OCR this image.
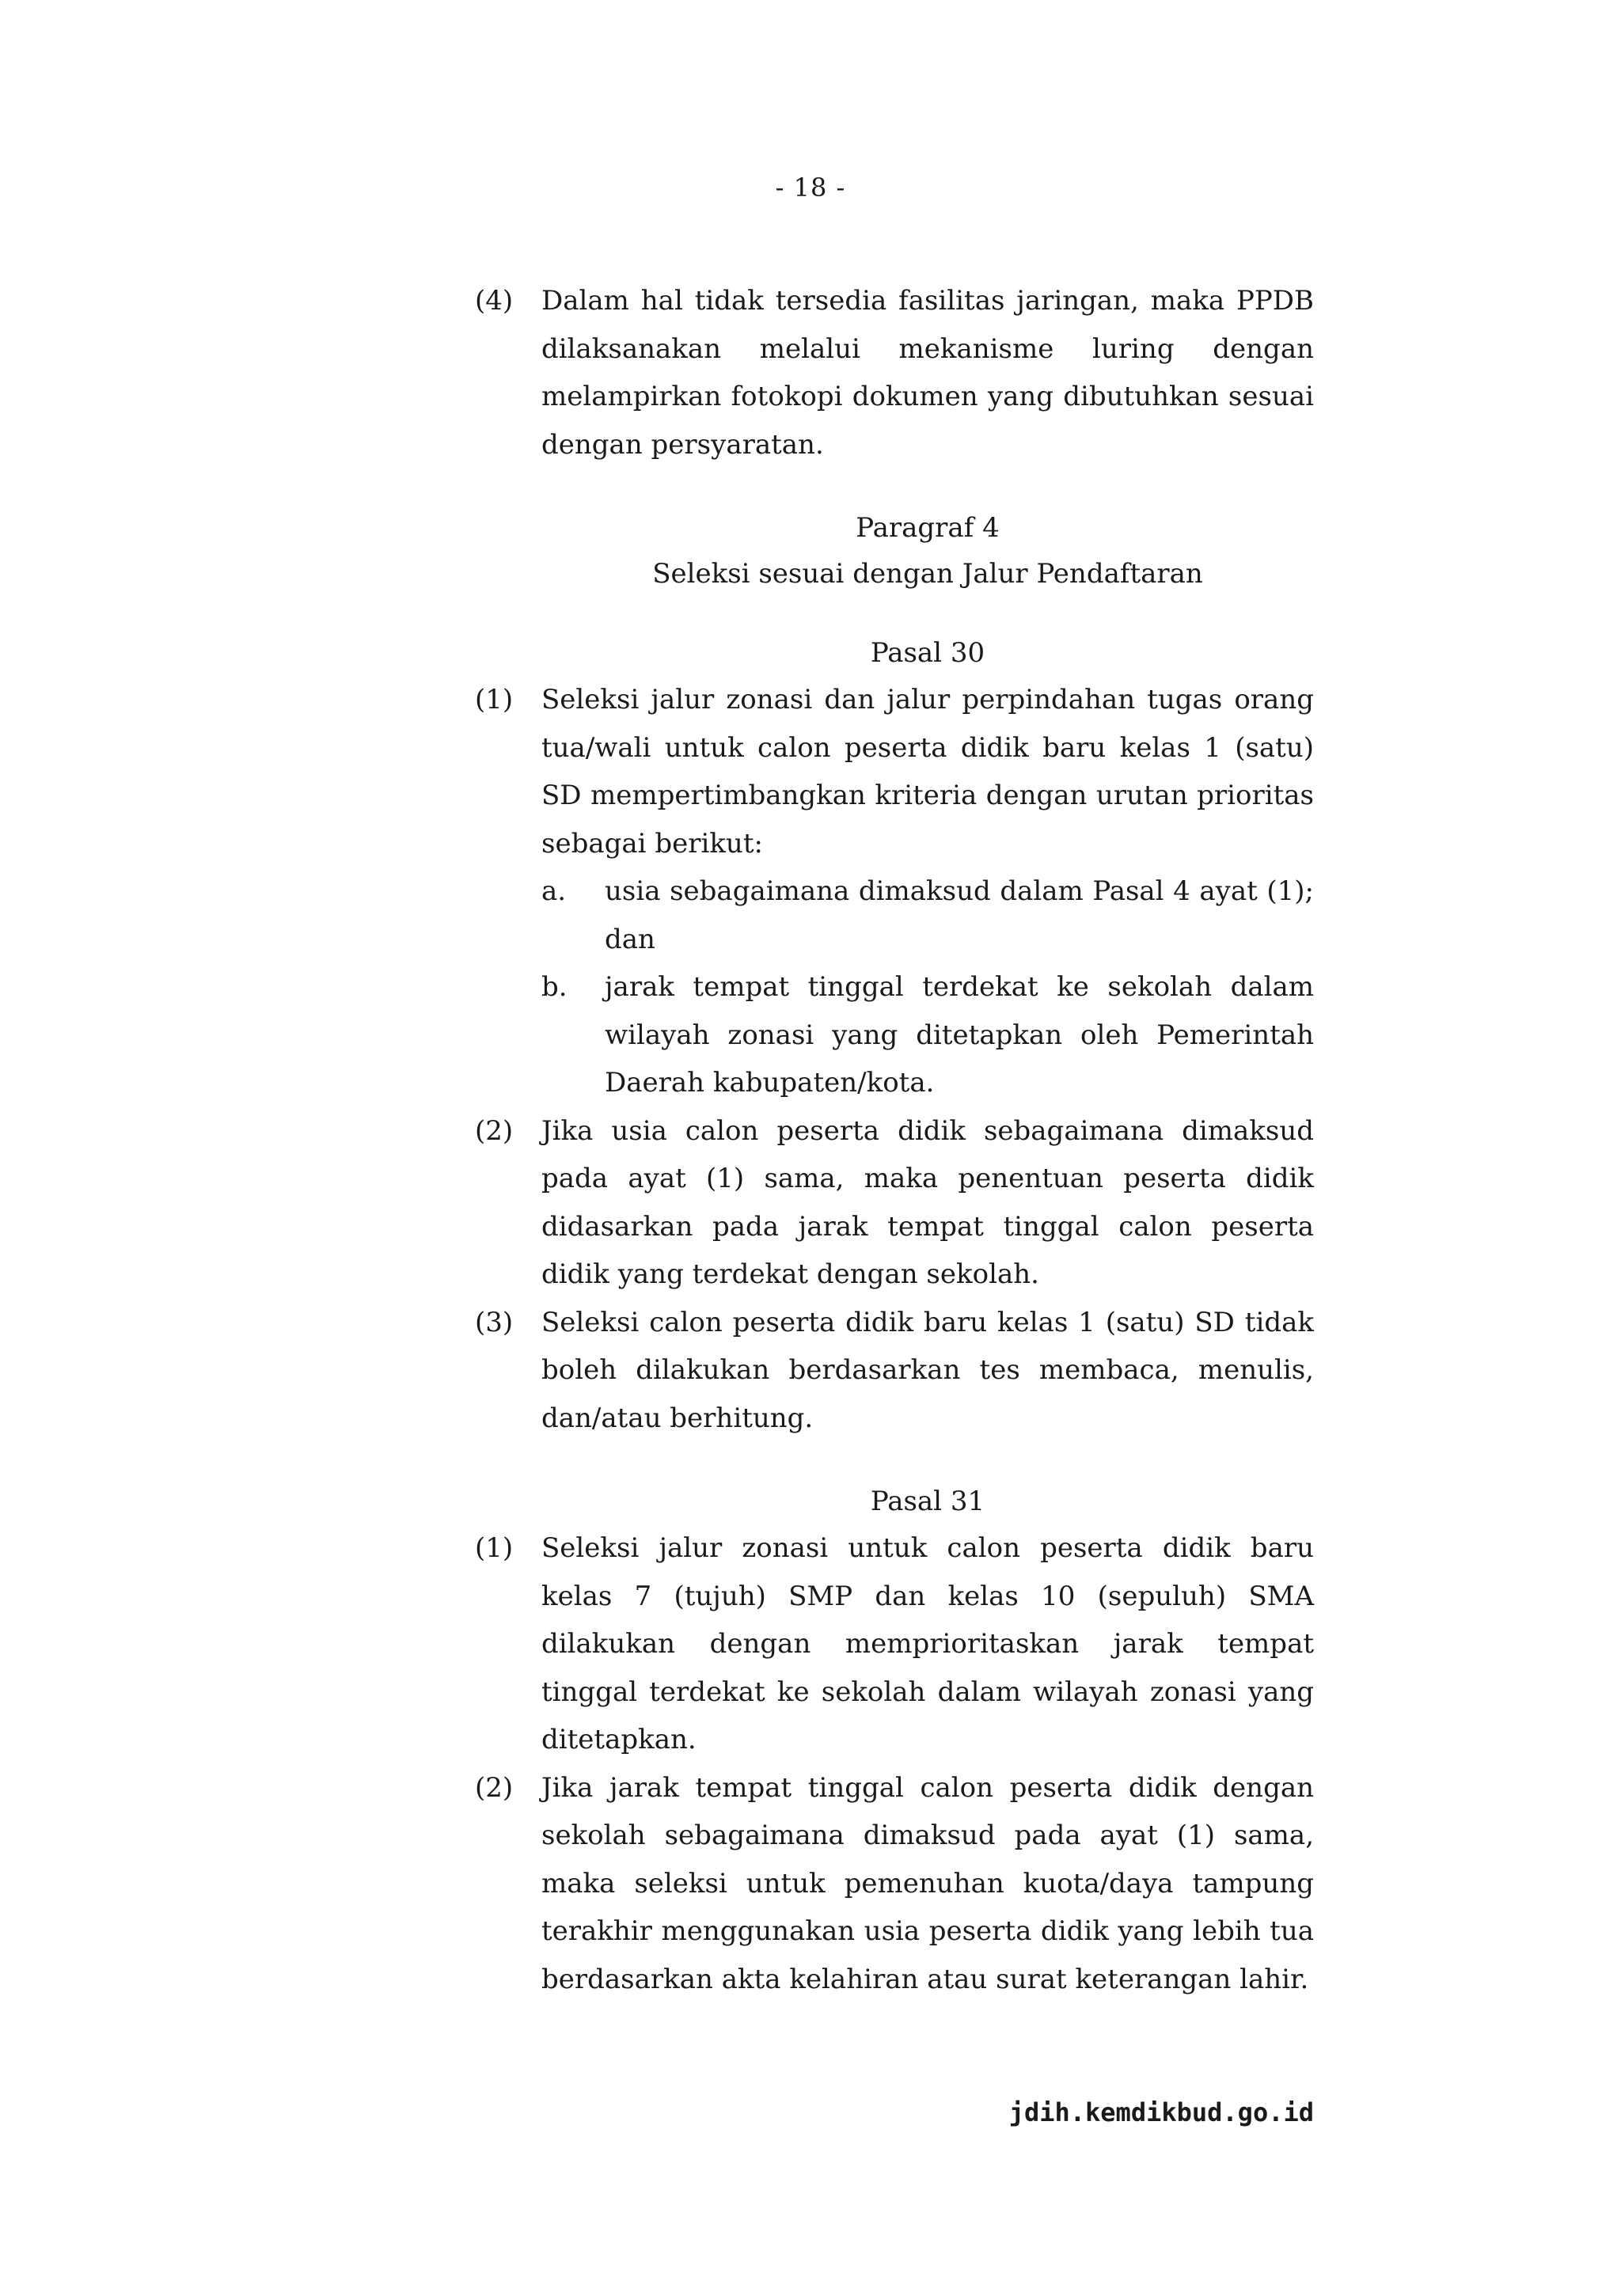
- 18 -
(4) Dalam hal tidak tersedia fasilitas jaringan, maka PPDB dilaksanakan melalui mekanisme luring dengan melampirkan fotokopi dokumen yang dibutuhkan sesuai dengan persyaratan.
Paragraf 4
Seleksi sesuai dengan Jalur Pendaftaran
Pasal 30
(1) Seleksi jalur zonasi dan jalur perpindahan tugas orang tua/wali untuk calon peserta didik baru kelas 1 (satu) SD mempertimbangkan kriteria dengan urutan prioritas sebagai berikut:
a. usia sebagaimana dimaksud dalam Pasal 4 ayat (1); dan
b. jarak tempat tinggal terdekat ke sekolah dalam wilayah zonasi yang ditetapkan oleh Pemerintah Daerah kabupaten/kota.
(2) Jika usia calon peserta didik sebagaimana dimaksud pada ayat (1) sama, maka penentuan peserta didik didasarkan pada jarak tempat tinggal calon peserta didik yang terdekat dengan sekolah.
(3) Seleksi calon peserta didik baru kelas 1 (satu) SD tidak boleh dilakukan berdasarkan tes membaca, menulis, dan/atau berhitung.
Pasal 31
(1) Seleksi jalur zonasi untuk calon peserta didik baru kelas 7 (tujuh) SMP dan kelas 10 (sepuluh) SMA dilakukan dengan memprioritaskan jarak tempat tinggal terdekat ke sekolah dalam wilayah zonasi yang ditetapkan.
(2) Jika jarak tempat tinggal calon peserta didik dengan sekolah sebagaimana dimaksud pada ayat (1) sama, maka seleksi untuk pemenuhan kuota/daya tampung terakhir menggunakan usia peserta didik yang lebih tua berdasarkan akta kelahiran atau surat keterangan lahir.
jdih.kemdikbud.go.id
